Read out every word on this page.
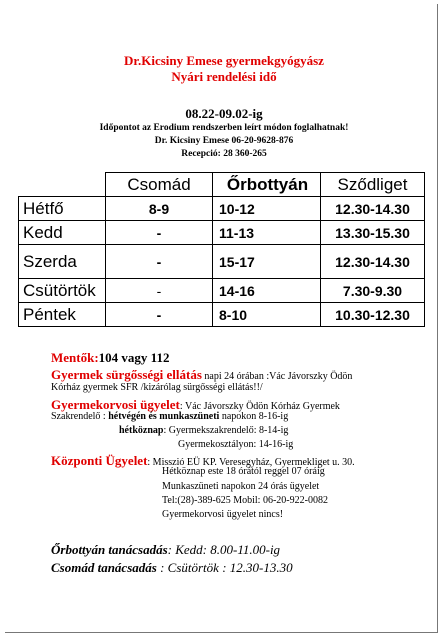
Dr.Kicsiny Emese gyermekgyógyász
Nyári rendelési idő
08.22-09.02-ig
Időpontot az Erodium rendszerben leírt módon foglalhatnak!
Dr. Kicsiny Emese 06-20-9628-876
Recepció: 28 360-265
	Csomád	Őrbottyán	Sződliget
Hétfő	8-9	10-12	12.30-14.30
Kedd	-	11-13	13.30-15.30
Szerda	-	15-17	12.30-14.30
Csütörtök	-	14-16	7.30-9.30
Péntek	-	8-10	10.30-12.30
Mentők:104 vagy 112
Gyermek sürgősségi ellátás napi 24 órában :Vác Jávorszky Ödön
Kórház gyermek SFR /kizárólag sürgősségi ellátás!!/
Gyermekorvosi ügyelet: Vác Jávorszky Ödön Kórház Gyermek
Szakrendelő : hétvégén és munkaszüneti napokon 8-16-ig
hétköznap: Gyermekszakrendelő: 8-14-ig
Gyermekosztályon: 14-16-ig
Központi Ügyelet: Misszió EÜ KP. Veresegyház, Gyermekliget u. 30.
Hétköznap este 18 órától reggel 07 óráig
Munkaszüneti napokon 24 órás ügyelet
Tel:(28)-389-625 Mobil: 06-20-922-0082
Gyermekorvosi ügyelet nincs!
Őrbottyán tanácsadás: Kedd: 8.00-11.00-ig
Csomád tanácsadás : Csütörtök : 12.30-13.30
